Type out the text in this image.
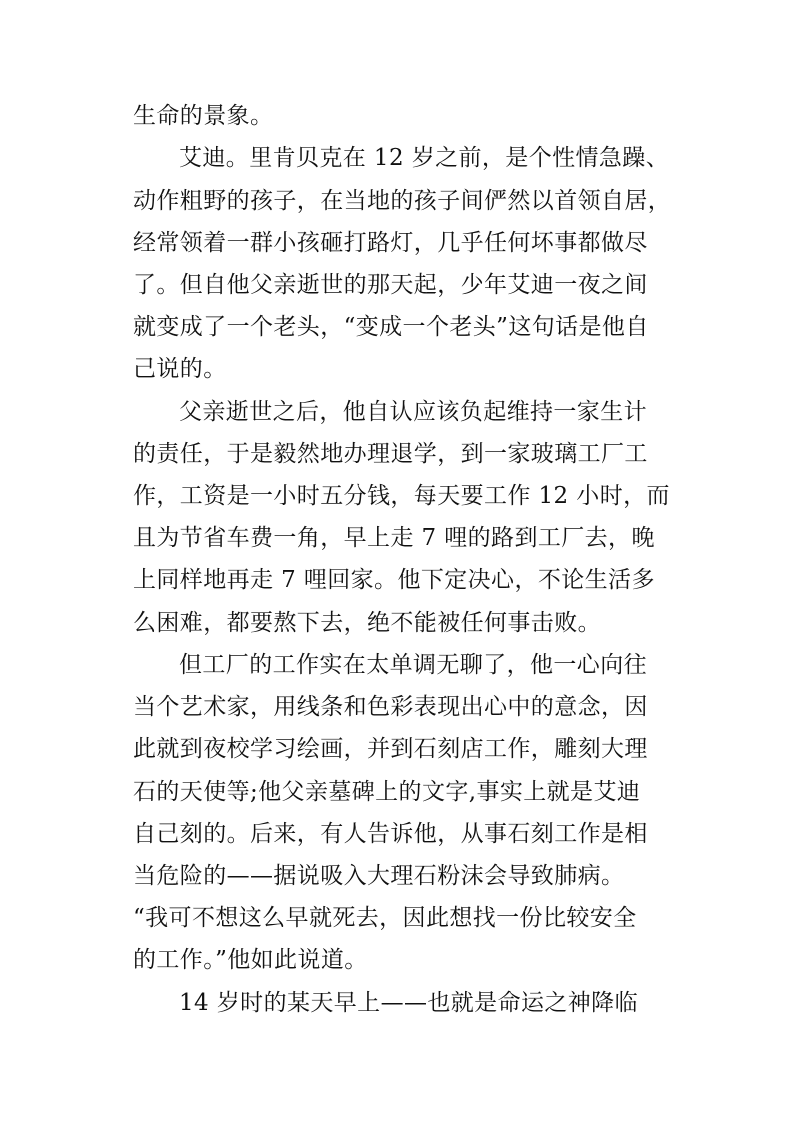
生命的景象。
艾迪。里肯贝克在 12 岁之前，是个性情急躁、
动作粗野的孩子，在当地的孩子间俨然以首领自居，
经常领着一群小孩砸打路灯，几乎任何坏事都做尽
了。但自他父亲逝世的那天起，少年艾迪一夜之间
就变成了一个老头，“变成一个老头”这句话是他自
己说的。
父亲逝世之后，他自认应该负起维持一家生计
的责任，于是毅然地办理退学，到一家玻璃工厂工
作，工资是一小时五分钱，每天要工作 12 小时，而
且为节省车费一角，早上走 7 哩的路到工厂去，晚
上同样地再走 7 哩回家。他下定决心，不论生活多
么困难，都要熬下去，绝不能被任何事击败。
但工厂的工作实在太单调无聊了，他一心向往
当个艺术家，用线条和色彩表现出心中的意念，因
此就到夜校学习绘画，并到石刻店工作，雕刻大理
石的天使等;他父亲墓碑上的文字,事实上就是艾迪
自己刻的。后来，有人告诉他，从事石刻工作是相
当危险的——据说吸入大理石粉沫会导致肺病。
“我可不想这么早就死去，因此想找一份比较安全
的工作。”他如此说道。
14 岁时的某天早上——也就是命运之神降临
